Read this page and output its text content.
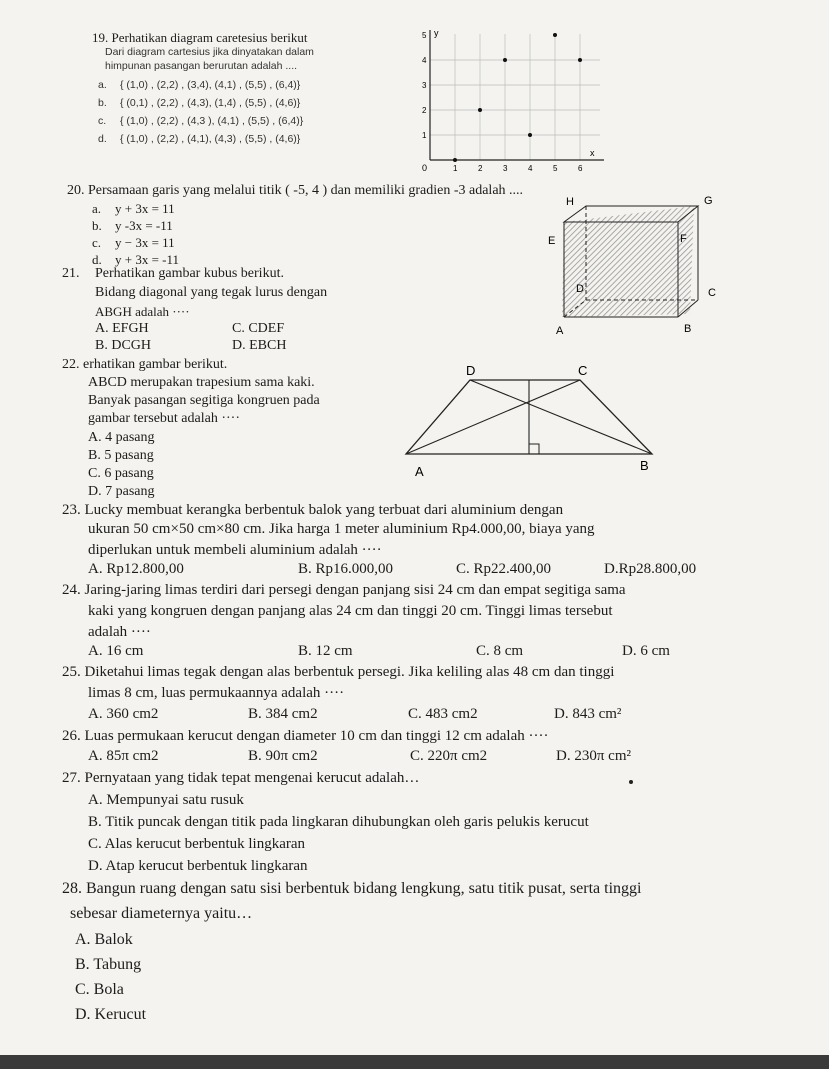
19. Perhatikan diagram caretesius berikut
Dari diagram cartesius jika dinyatakan dalam
himpunan pasangan berurutan adalah ....
a. { (1,0) , (2,2) , (3,4), (4,1) , (5,5) , (6,4)}
b. { (0,1) , (2,2) , (4,3), (1,4) , (5,5) , (4,6)}
c. { (1,0) , (2,2) , (4,3 ), (4,1) , (5,5) , (6,4)}
d. { (1,0) , (2,2) , (4,1), (4,3) , (5,5) , (4,6)}
y
x
0	1	2	3	4	5	6
1
2
3
4
5
20. Persamaan garis yang melalui titik ( -5, 4 ) dan memiliki gradien -3 adalah ....
a. y + 3x = 11
b. y -3x = -11
c. y − 3x = 11
d. y + 3x = -11
21. Perhatikan gambar kubus berikut.
Bidang diagonal yang tegak lurus dengan
ABGH adalah ····
A. EFGH	C. CDEF
B. DCGH	D. EBCH
H	G
E	F
D	C
A	B
22. erhatikan gambar berikut.
ABCD merupakan trapesium sama kaki.
Banyak pasangan segitiga kongruen pada
gambar tersebut adalah ····
A. 4 pasang
B. 5 pasang
C. 6 pasang
D. 7 pasang
D	C
A	B
23. Lucky membuat kerangka berbentuk balok yang terbuat dari aluminium dengan
ukuran 50 cm×50 cm×80 cm. Jika harga 1 meter aluminium Rp4.000,00, biaya yang
diperlukan untuk membeli aluminium adalah ····
A. Rp12.800,00	B. Rp16.000,00	C. Rp22.400,00	D.Rp28.800,00
24. Jaring-jaring limas terdiri dari persegi dengan panjang sisi 24 cm dan empat segitiga sama
kaki yang kongruen dengan panjang alas 24 cm dan tinggi 20 cm. Tinggi limas tersebut
adalah ····
A. 16 cm	B. 12 cm	C. 8 cm	D. 6 cm
25. Diketahui limas tegak dengan alas berbentuk persegi. Jika keliling alas 48 cm dan tinggi
limas 8 cm, luas permukaannya adalah ····
A. 360 cm2	B. 384 cm2	C. 483 cm2	D. 843 cm²
26. Luas permukaan kerucut dengan diameter 10 cm dan tinggi 12 cm adalah ····
A. 85π cm2	B. 90π cm2	C. 220π cm2	D. 230π cm²
27. Pernyataan yang tidak tepat mengenai kerucut adalah…
A. Mempunyai satu rusuk
B. Titik puncak dengan titik pada lingkaran dihubungkan oleh garis pelukis kerucut
C. Alas kerucut berbentuk lingkaran
D. Atap kerucut berbentuk lingkaran
28. Bangun ruang dengan satu sisi berbentuk bidang lengkung, satu titik pusat, serta tinggi
sebesar diameternya yaitu…
A. Balok
B. Tabung
C. Bola
D. Kerucut
